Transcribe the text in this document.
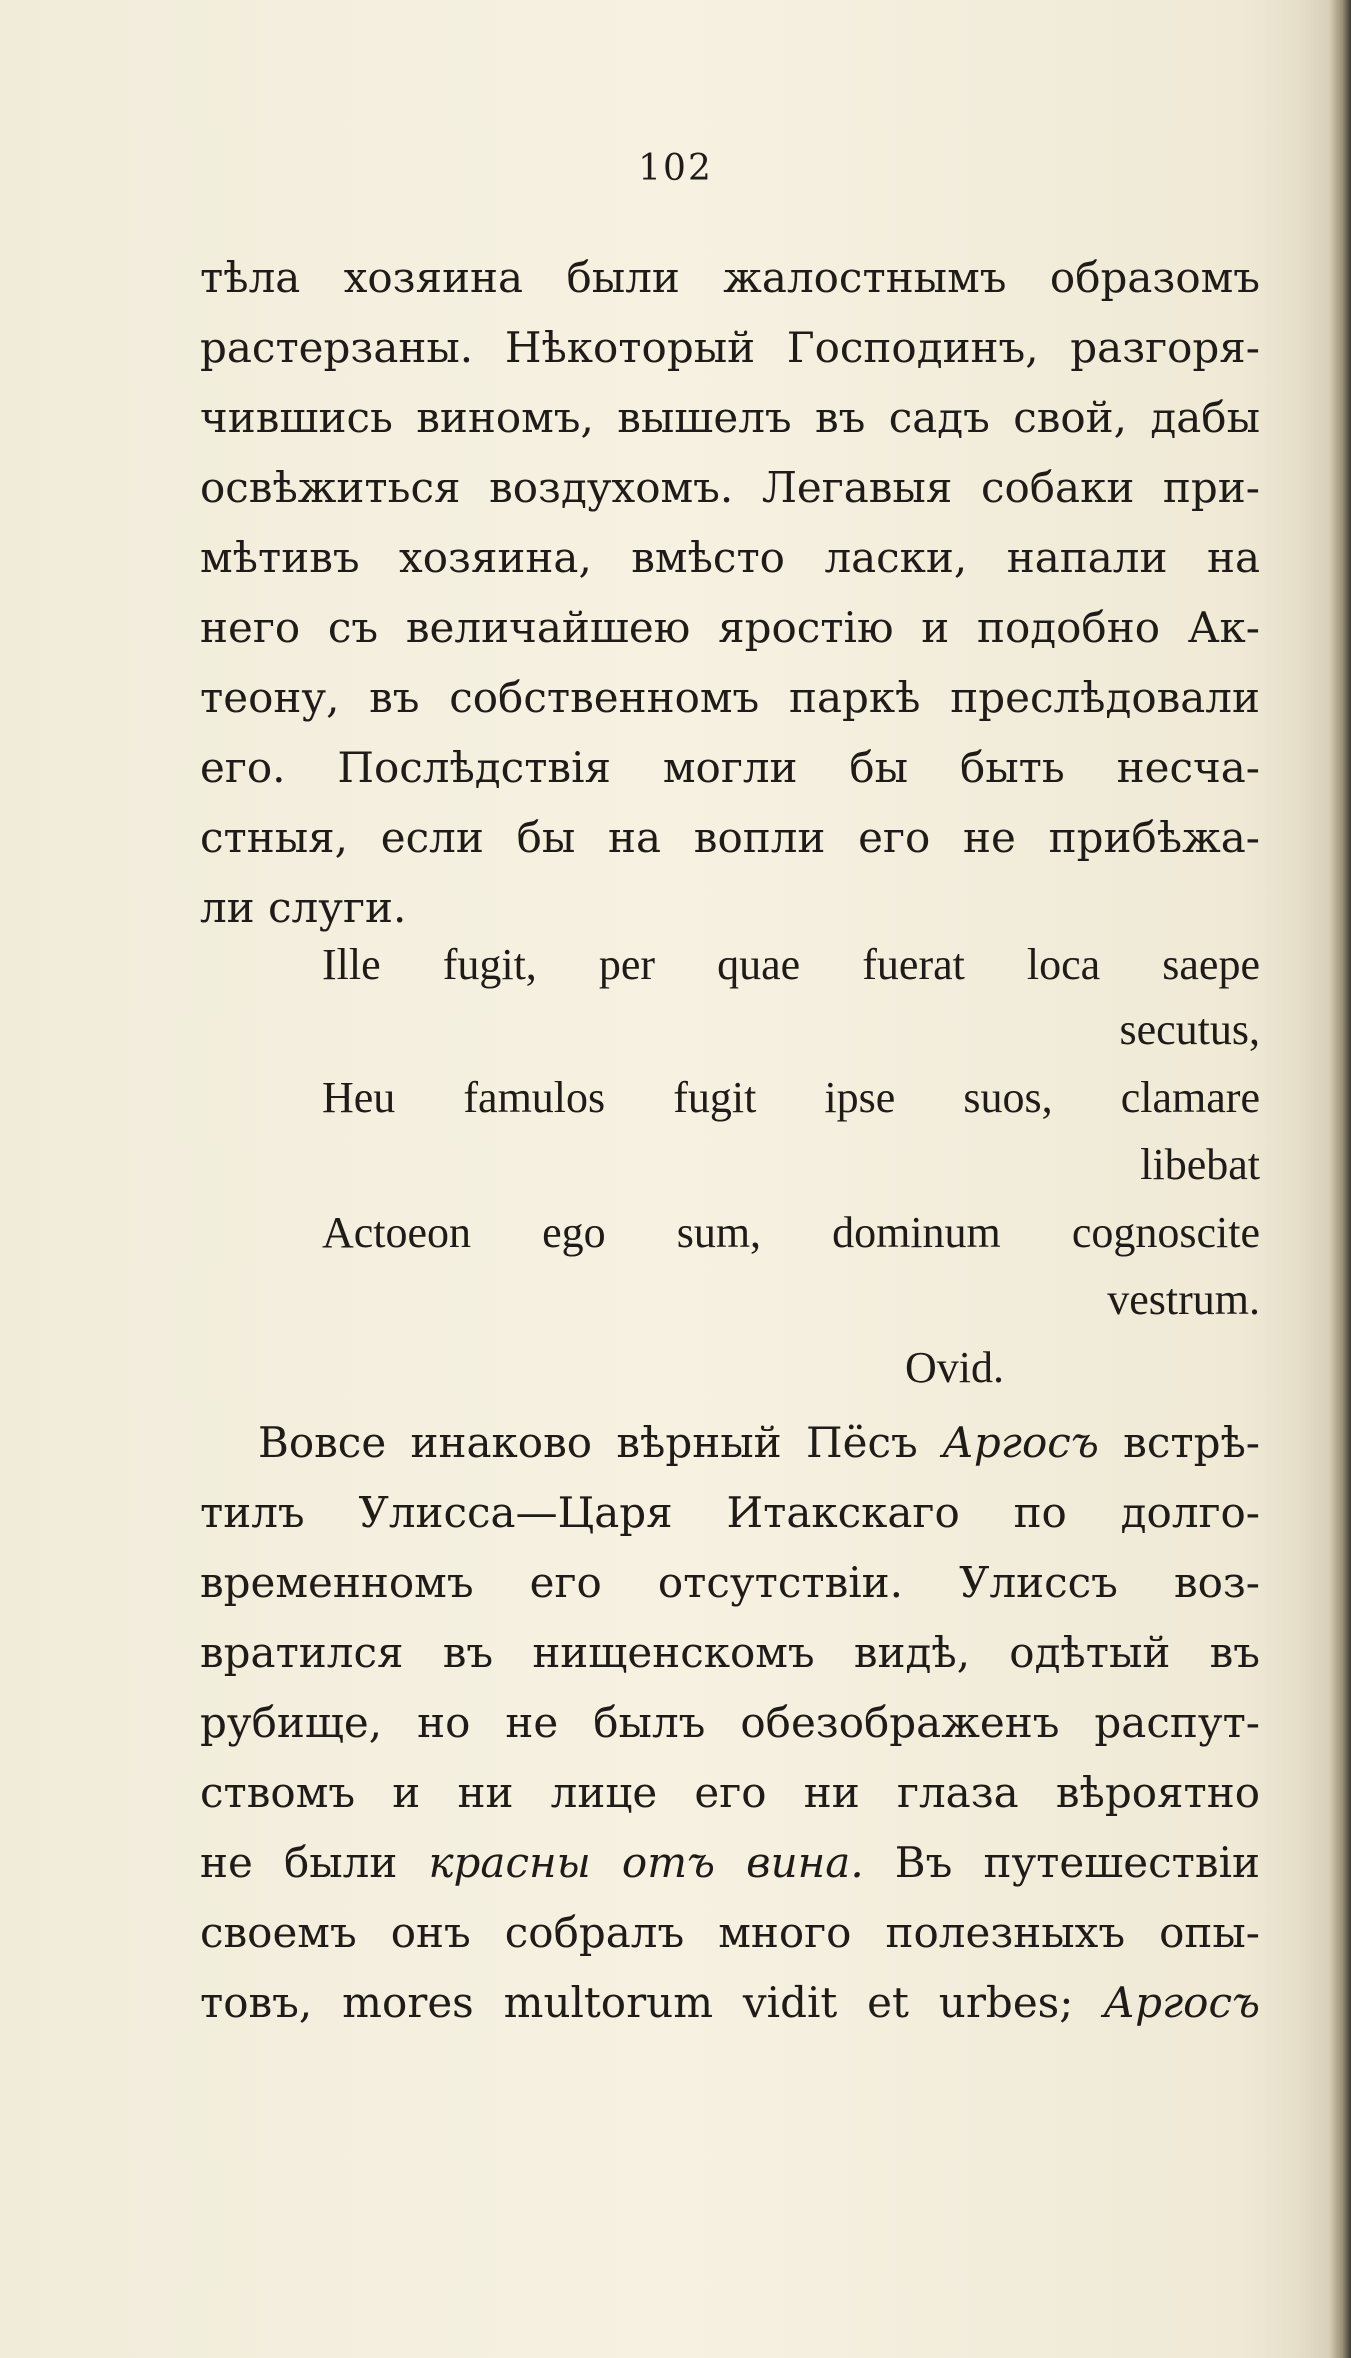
102
тѣла хозяина были жалостнымъ образомъ
растерзаны. Нѣкоторый Господинъ, разгоря-
чившись виномъ, вышелъ въ садъ свой, дабы
освѣжиться воздухомъ. Легавыя собаки при-
мѣтивъ хозяина, вмѣсто ласки, напали на
него съ величайшею яростію и подобно Ак-
теону, въ собственномъ паркѣ преслѣдовали
его. Послѣдствія могли бы быть несча-
стныя, если бы на вопли его не прибѣжа-
ли слуги.
Ille fugit, per quae fuerat loca saepe
secutus,
Heu famulos fugit ipse suos, clamare
libebat
Actoeon ego sum, dominum cognoscite
vestrum.
Ovid.
Вовсе инаково вѣрный Пёсъ Аргосъ встрѣ-
тилъ Улисса—Царя Итакскаго по долго-
временномъ его отсутствіи. Улиссъ воз-
вратился въ нищенскомъ видѣ, одѣтый въ
рубище, но не былъ обезображенъ распут-
ствомъ и ни лице его ни глаза вѣроятно
не были красны отъ вина. Въ путешествіи
своемъ онъ собралъ много полезныхъ опы-
товъ, mores multorum vidit et urbes; Аргосъ
